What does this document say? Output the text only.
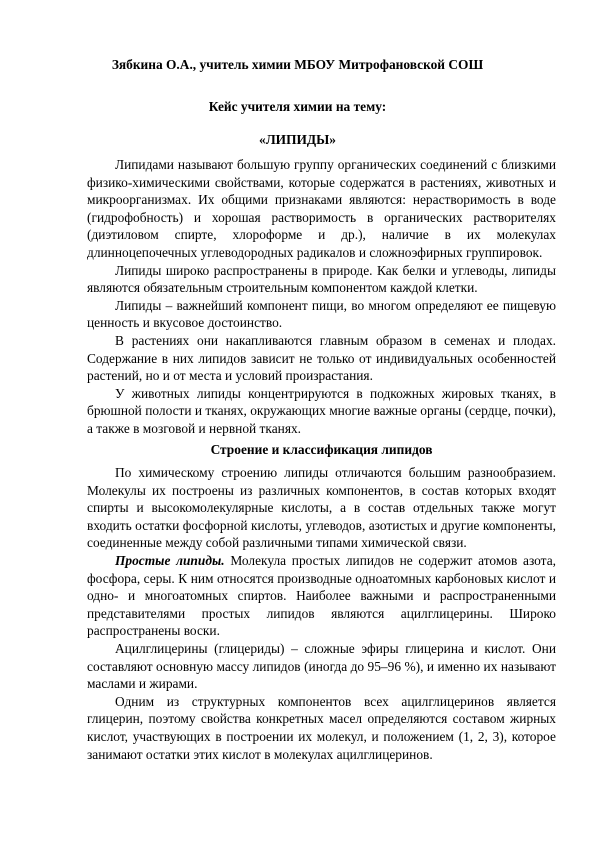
Зябкина О.А., учитель химии МБОУ Митрофановской СОШ
Кейс учителя химии на тему:
«ЛИПИДЫ»

Липидами называют большую группу органических соединений с близкими физико-химическими свойствами, которые содержатся в растениях, животных и микроорганизмах. Их общими признаками являются: нерастворимость в воде (гидрофобность) и хорошая растворимость в органических растворителях (диэтиловом спирте, хлороформе и др.), наличие в их молекулах длинноцепочечных углеводородных радикалов и сложноэфирных группировок.

Липиды широко распространены в природе. Как белки и углеводы, липиды являются обязательным строительным компонентом каждой клетки.

Липиды – важнейший компонент пищи, во многом определяют ее пищевую ценность и вкусовое достоинство.

В растениях они накапливаются главным образом в семенах и плодах. Содержание в них липидов зависит не только от индивидуальных особенностей растений, но и от места и условий произрастания.

У животных липиды концентрируются в подкожных жировых тканях, в брюшной полости и тканях, окружающих многие важные органы (сердце, почки), а также в мозговой и нервной тканях.

Строение и классификация липидов

По химическому строению липиды отличаются большим разнообразием. Молекулы их построены из различных компонентов, в состав которых входят спирты и высокомолекулярные кислоты, а в состав отдельных также могут входить остатки фосфорной кислоты, углеводов, азотистых и другие компоненты, соединенные между собой различными типами химической связи.

Простые липиды. Молекула простых липидов не содержит атомов азота, фосфора, серы. К ним относятся производные одноатомных карбоновых кислот и одно- и многоатомных спиртов. Наиболее важными и распространенными представителями простых липидов являются ацилглицерины. Широко распространены воски.

Ацилглицерины (глицериды) – сложные эфиры глицерина и кислот. Они составляют основную массу липидов (иногда до 95–96 %), и именно их называют маслами и жирами.

Одним из структурных компонентов всех ацилглицеринов является глицерин, поэтому свойства конкретных масел определяются составом жирных кислот, участвующих в построении их молекул, и положением (1, 2, 3), которое занимают остатки этих кислот в молекулах ацилглицеринов.
